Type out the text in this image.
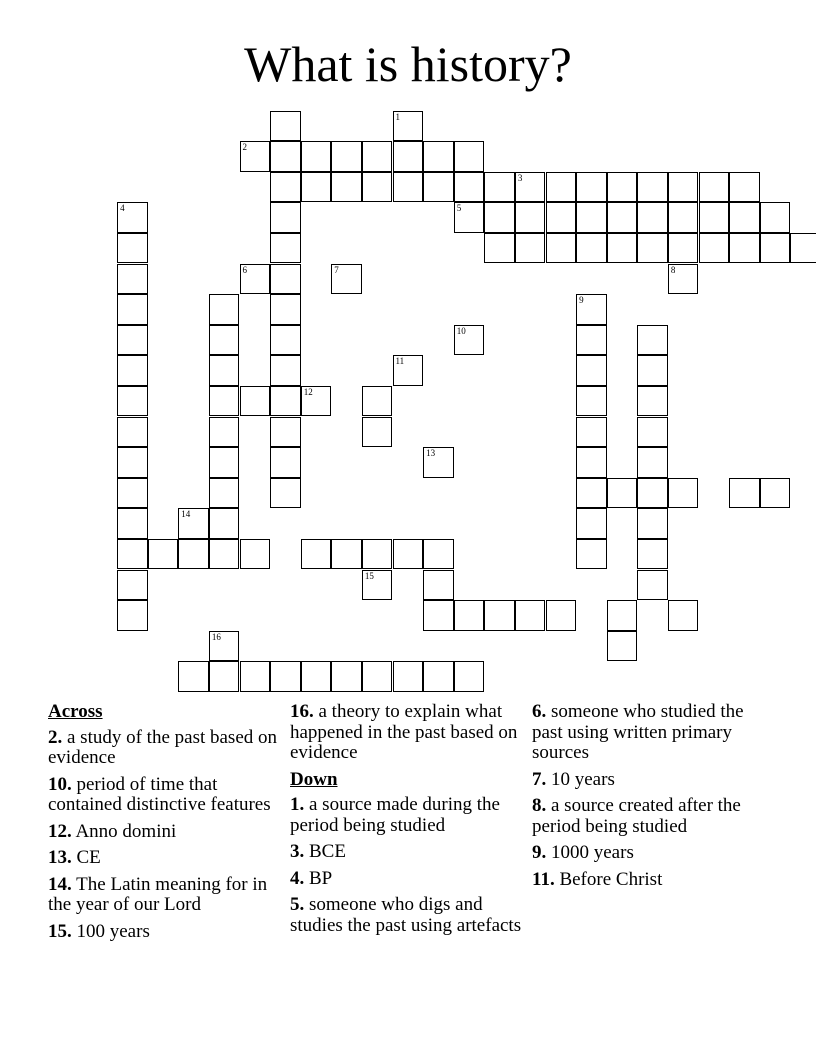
What is history?
3
9
1
2
4	5
6	7	8
10
11
12
13
14
15
16
Across
2. a study of the past based on evidence
10. period of time that contained distinctive features
12. Anno domini
13. CE
14. The Latin meaning for in the year of our Lord
15. 100 years
16. a theory to explain what happened in the past based on evidence
Down
1. a source made during the period being studied
3. BCE
4. BP
5. someone who digs and studies the past using artefacts
6. someone who studied the past using written primary sources
7. 10 years
8. a source created after the period being studied
9. 1000 years
11. Before Christ
